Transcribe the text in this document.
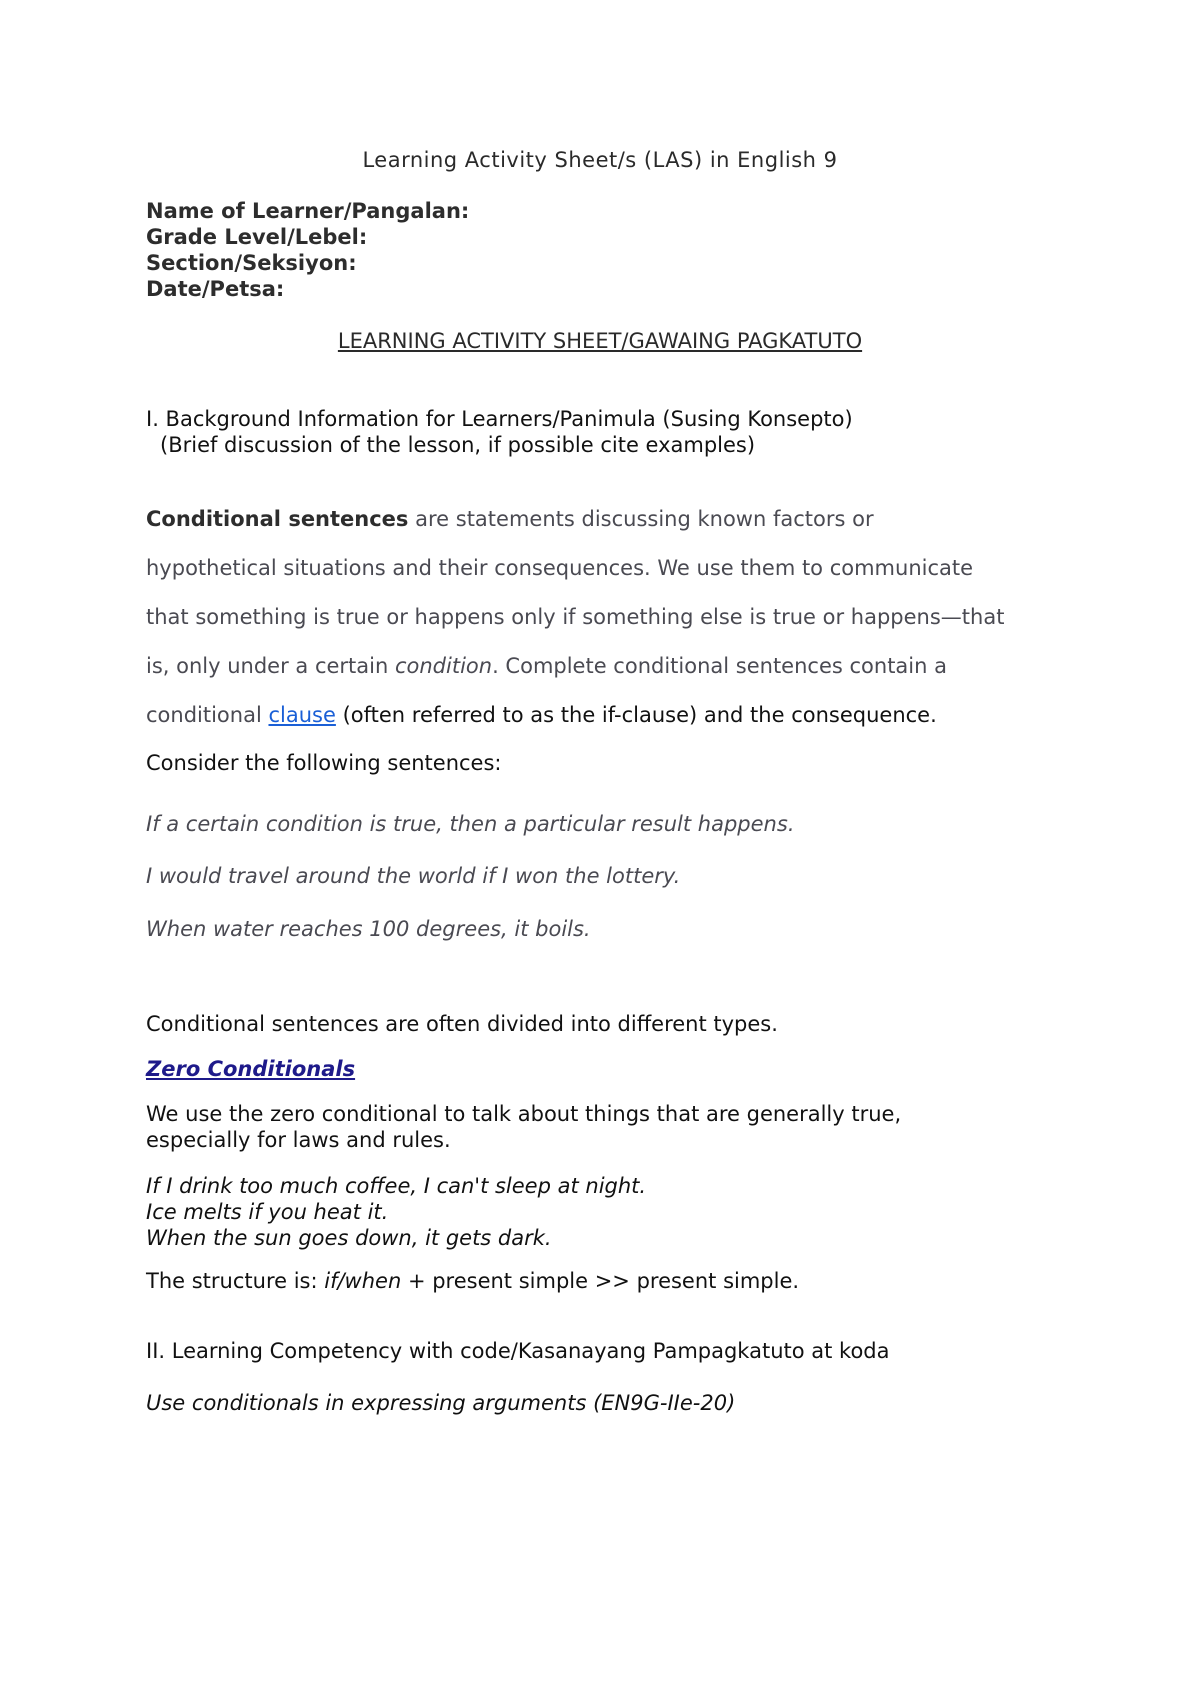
Learning Activity Sheet/s (LAS) in English 9
Name of Learner/Pangalan:
Grade Level/Lebel:
Section/Seksiyon:
Date/Petsa:
LEARNING ACTIVITY SHEET/GAWAING PAGKATUTO
I. Background Information for Learners/Panimula (Susing Konsepto)
(Brief discussion of the lesson, if possible cite examples)
Conditional sentences are statements discussing known factors or
hypothetical situations and their consequences. We use them to communicate
that something is true or happens only if something else is true or happens—that
is, only under a certain condition. Complete conditional sentences contain a
conditional clause (often referred to as the if-clause) and the consequence.
Consider the following sentences:
If a certain condition is true, then a particular result happens.
I would travel around the world if I won the lottery.
When water reaches 100 degrees, it boils.
Conditional sentences are often divided into different types.
Zero Conditionals
We use the zero conditional to talk about things that are generally true,
especially for laws and rules.
If I drink too much coffee, I can't sleep at night.
Ice melts if you heat it.
When the sun goes down, it gets dark.
The structure is: if/when + present simple >> present simple.
II. Learning Competency with code/Kasanayang Pampagkatuto at koda
Use conditionals in expressing arguments (EN9G-IIe-20)
